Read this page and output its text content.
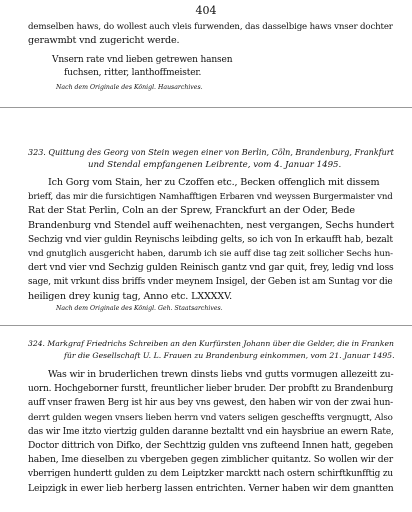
404
demselben haws, do wollest auch vleis furwenden, das dasselbige haws vnser dochter
gerawmbt vnd zugericht werde.
Vnsern rate vnd lieben getrewen hansen
fuchsen, ritter, lanthoffmeister.
Nach dem Originale des Königl. Hausarchives.
323. Quittung des Georg von Stein wegen einer von Berlin, Cöln, Brandenburg, Frankfurt
und Stendal empfangenen Leibrente, vom 4. Januar 1495.
Ich Gorg vom Stain, her zu Czoffen etc., Becken offenglich mit dissem
brieff, das mir die fursichtigen Namhafftigen Erbaren vnd weyssen Burgermaister vnd
Rat der Stat Perlin, Coln an der Sprew, Franckfurt an der Oder, Bede
Brandenburg vnd Stendel auff weihenachten, nest vergangen, Sechs hundert
Sechzig vnd vier guldin Reynischs leibding gelts, so ich von In erkaufft hab, bezalt
vnd gnutglich ausgericht haben, darumb ich sie auff dise tag zeit sollicher Sechs hun-
dert vnd vier vnd Sechzig gulden Reinisch gantz vnd gar quit, frey, ledig vnd loss
sage, mit vrkunt diss briffs vnder meynem Insigel, der Geben ist am Suntag vor die
heiligen drey kunig tag, Anno etc. LXXXXV.
Nach dem Originale des Königl. Geh. Staatsarchives.
324. Markgraf Friedrichs Schreiben an den Kurfürsten Johann über die Gelder, die in Franken
für die Gesellschaft U. L. Frauen zu Brandenburg einkommen, vom 21. Januar 1495.
Was wir in bruderlichen trewn dinsts liebs vnd gutts vormugen allezeitt zu-
uorn. Hochgeborner furstt, freuntlicher lieber bruder. Der probftt zu Brandenburg
auff vnser frawen Berg ist hir aus bey vns gewest, den haben wir von der zwai hun-
derrt gulden wegen vnsers lieben herrn vnd vaters seligen gescheffts vergnugtt, Also
das wir Ime itzto viertzig gulden daranne beztaltt vnd ein haysbriue an ewern Rate,
Doctor dittrich von Difko, der Sechttzig gulden vns zufteend Innen hatt, gegeben
haben, Ime dieselben zu vbergeben gegen zimblicher quitantz. So wollen wir der
vberrigen hundertt gulden zu dem Leiptzker marcktt nach ostern schirftkunfftig zu
Leipzigk in ewer lieb herberg lassen entrichten. Verner haben wir dem gnantten
